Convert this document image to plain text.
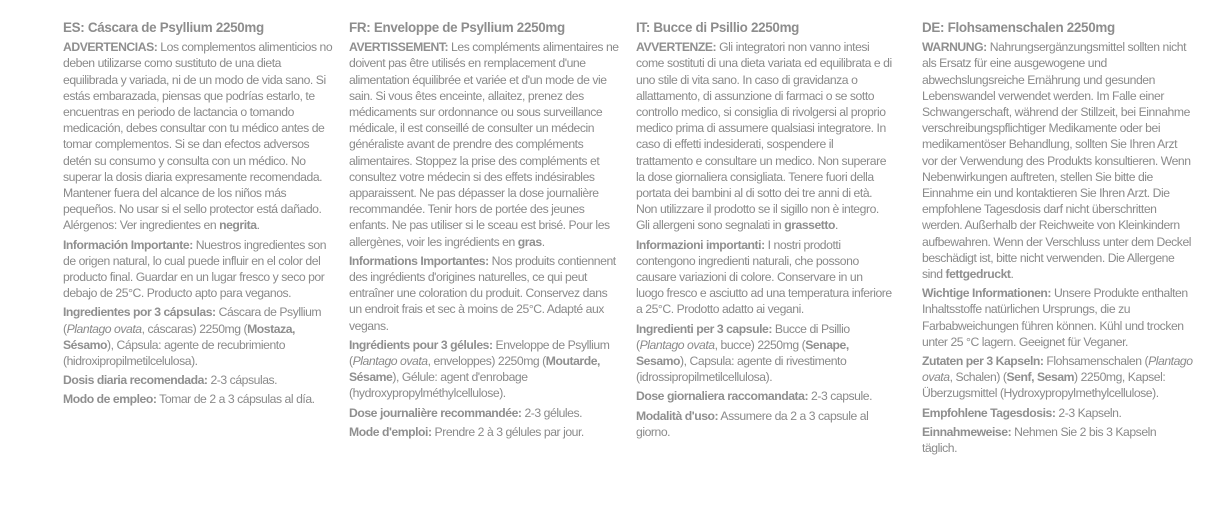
ES: Cáscara de Psyllium 2250mg

ADVERTENCIAS: Los complementos alimenticios no deben utilizarse como sustituto de una dieta equilibrada y variada, ni de un modo de vida sano. Si estás embarazada, piensas que podrías estarlo, te encuentras en periodo de lactancia o tomando medicación, debes consultar con tu médico antes de tomar complementos. Si se dan efectos adversos detén su consumo y consulta con un médico. No superar la dosis diaria expresamente recomendada. Mantener fuera del alcance de los niños más pequeños. No usar si el sello protector está dañado. Alérgenos: Ver ingredientes en negrita.

Información Importante: Nuestros ingredientes son de origen natural, lo cual puede influir en el color del producto final. Guardar en un lugar fresco y seco por debajo de 25°C. Producto apto para veganos.

Ingredientes por 3 cápsulas: Cáscara de Psyllium (Plantago ovata, cáscaras) 2250mg (Mostaza, Sésamo), Cápsula: agente de recubrimiento (hidroxipropilmetilcelulosa).

Dosis diaria recomendada: 2-3 cápsulas.

Modo de empleo: Tomar de 2 a 3 cápsulas al día.

FR: Enveloppe de Psyllium 2250mg

AVERTISSEMENT: Les compléments alimentaires ne doivent pas être utilisés en remplacement d'une alimentation équilibrée et variée et d'un mode de vie sain. Si vous êtes enceinte, allaitez, prenez des médicaments sur ordonnance ou sous surveillance médicale, il est conseillé de consulter un médecin généraliste avant de prendre des compléments alimentaires. Stoppez la prise des compléments et consultez votre médecin si des effets indésirables apparaissent. Ne pas dépasser la dose journalière recommandée. Tenir hors de portée des jeunes enfants. Ne pas utiliser si le sceau est brisé. Pour les allergènes, voir les ingrédients en gras.

Informations Importantes: Nos produits contiennent des ingrédients d'origines naturelles, ce qui peut entraîner une coloration du produit. Conservez dans un endroit frais et sec à moins de 25°C. Adapté aux vegans.

Ingrédients pour 3 gélules: Enveloppe de Psyllium (Plantago ovata, enveloppes) 2250mg (Moutarde, Sésame), Gélule: agent d'enrobage (hydroxypropylméthylcellulose).

Dose journalière recommandée: 2-3 gélules.

Mode d'emploi: Prendre 2 à 3 gélules par jour.

IT: Bucce di Psillio 2250mg

AVVERTENZE: Gli integratori non vanno intesi come sostituti di una dieta variata ed equilibrata e di uno stile di vita sano. In caso di gravidanza o allattamento, di assunzione di farmaci o se sotto controllo medico, si consiglia di rivolgersi al proprio medico prima di assumere qualsiasi integratore. In caso di effetti indesiderati, sospendere il trattamento e consultare un medico. Non superare la dose giornaliera consigliata. Tenere fuori della portata dei bambini al di sotto dei tre anni di età. Non utilizzare il prodotto se il sigillo non è integro. Gli allergeni sono segnalati in grassetto.

Informazioni importanti: I nostri prodotti contengono ingredienti naturali, che possono causare variazioni di colore. Conservare in un luogo fresco e asciutto ad una temperatura inferiore a 25°C. Prodotto adatto ai vegani.

Ingredienti per 3 capsule: Bucce di Psillio (Plantago ovata, bucce) 2250mg (Senape, Sesamo), Capsula: agente di rivestimento (idrossipropilmetilcellulosa).

Dose giornaliera raccomandata: 2-3 capsule.

Modalità d'uso: Assumere da 2 a 3 capsule al giorno.

DE: Flohsamenschalen 2250mg

WARNUNG: Nahrungsergänzungsmittel sollten nicht als Ersatz für eine ausgewogene und abwechslungsreiche Ernährung und gesunden Lebenswandel verwendet werden. Im Falle einer Schwangerschaft, während der Stillzeit, bei Einnahme verschreibungspflichtiger Medikamente oder bei medikamentöser Behandlung, sollten Sie Ihren Arzt vor der Verwendung des Produkts konsultieren. Wenn Nebenwirkungen auftreten, stellen Sie bitte die Einnahme ein und kontaktieren Sie Ihren Arzt. Die empfohlene Tagesdosis darf nicht überschritten werden. Außerhalb der Reichweite von Kleinkindern aufbewahren. Wenn der Verschluss unter dem Deckel beschädigt ist, bitte nicht verwenden. Die Allergene sind fettgedruckt.

Wichtige Informationen: Unsere Produkte enthalten Inhaltsstoffe natürlichen Ursprungs, die zu Farbabweichungen führen können. Kühl und trocken unter 25 °C lagern. Geeignet für Veganer.

Zutaten per 3 Kapseln: Flohsamenschalen (Plantago ovata, Schalen) (Senf, Sesam) 2250mg, Kapsel: Überzugsmittel (Hydroxypropylmethylcellulose).

Empfohlene Tagesdosis: 2-3 Kapseln.

Einnahmeweise: Nehmen Sie 2 bis 3 Kapseln täglich.
